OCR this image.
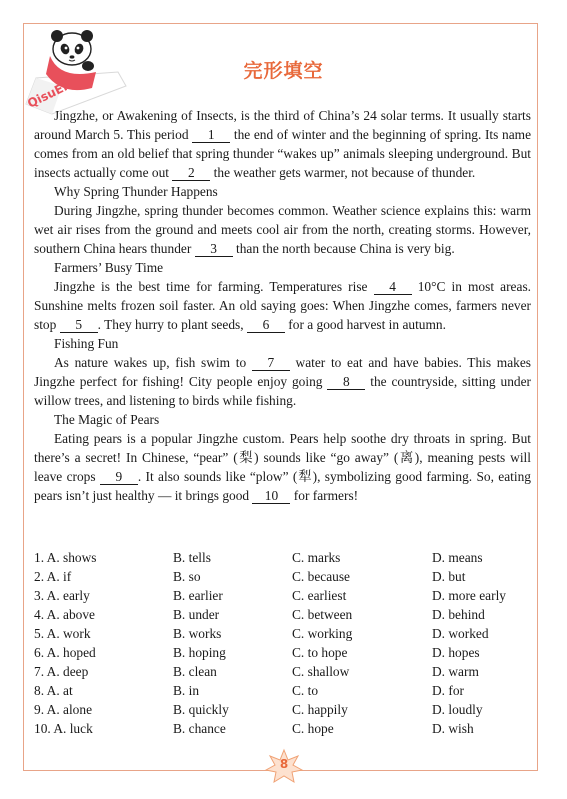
QisuEn
完形填空

Jingzhe, or Awakening of Insects, is the third of China’s 24 solar terms. It usually starts around March 5. This period 1 the end of winter and the beginning of spring. Its name comes from an old belief that spring thunder “wakes up” animals sleeping underground. But insects actually come out 2 the weather gets warmer, not because of thunder.

Why Spring Thunder Happens

During Jingzhe, spring thunder becomes common. Weather science explains this: warm wet air rises from the ground and meets cool air from the north, creating storms. However, southern China hears thunder 3 than the north because China is very big.

Farmers’ Busy Time

Jingzhe is the best time for farming. Temperatures rise 4 10°C in most areas. Sunshine melts frozen soil faster. An old saying goes: When Jingzhe comes, farmers never stop 5 . They hurry to plant seeds, 6 for a good harvest in autumn.

Fishing Fun

As nature wakes up, fish swim to 7 water to eat and have babies. This makes Jingzhe perfect for fishing! City people enjoy going 8 the countryside, sitting under willow trees, and listening to birds while fishing.

The Magic of Pears

Eating pears is a popular Jingzhe custom. Pears help soothe dry throats in spring. But there’s a secret! In Chinese, “pear” (梨) sounds like “go away” (离), meaning pests will leave crops 9 . It also sounds like “plow” (犁), symbolizing good farming. So, eating pears isn’t just healthy — it brings good 10 for farmers!

1. A. shows	B. tells	C. marks	D. means
2. A. if	B. so	C. because	D. but
3. A. early	B. earlier	C. earliest	D. more early
4. A. above	B. under	C. between	D. behind
5. A. work	B. works	C. working	D. worked
6. A. hoped	B. hoping	C. to hope	D. hopes
7. A. deep	B. clean	C. shallow	D. warm
8. A. at	B. in	C. to	D. for
9. A. alone	B. quickly	C. happily	D. loudly
10. A. luck	B. chance	C. hope	D. wish
8
